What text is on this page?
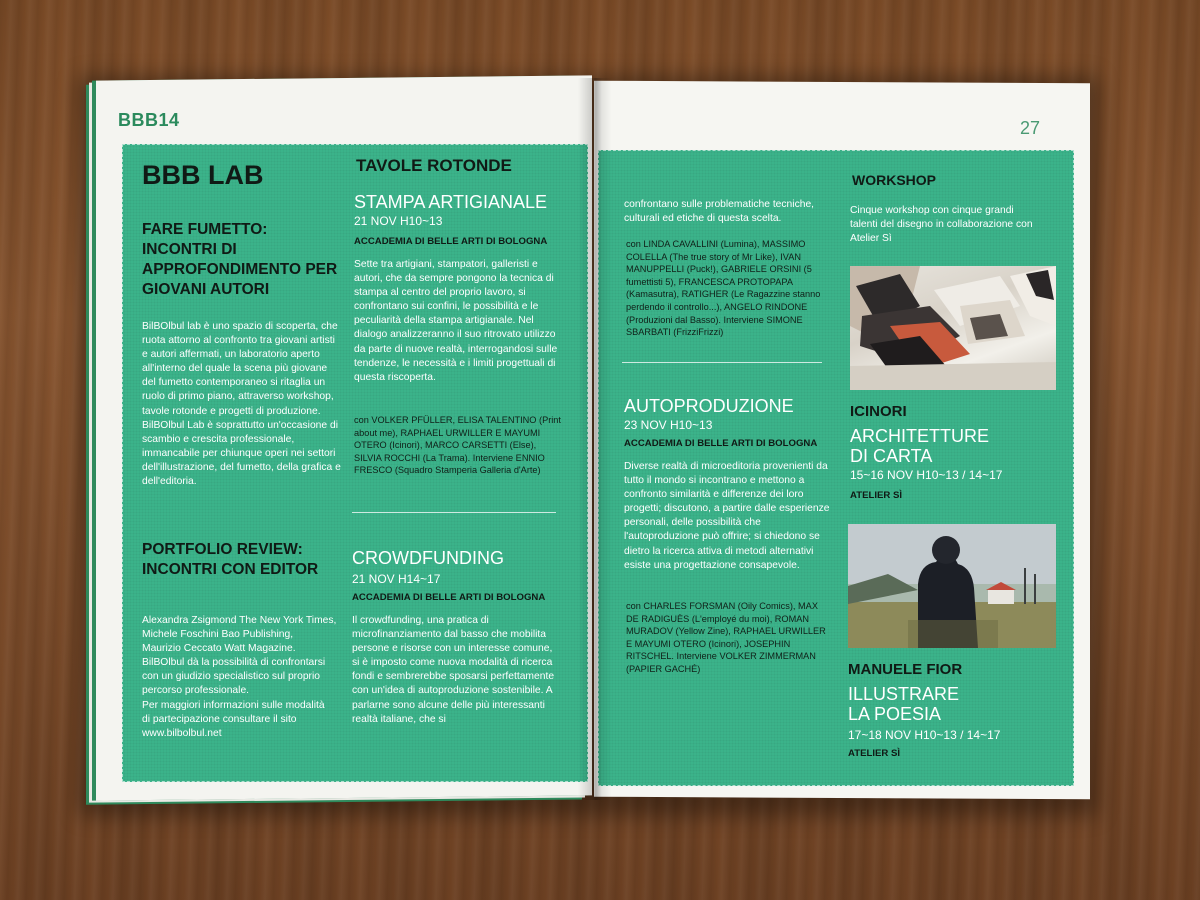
BBB14	27
BBB LAB
FARE FUMETTO: INCONTRI DI APPROFONDIMENTO PER GIOVANI AUTORI
BilBOlbul lab è uno spazio di scoperta, che ruota attorno al confronto tra giovani artisti e autori affermati, un laboratorio aperto all'interno del quale la scena più giovane del fumetto contemporaneo si ritaglia un ruolo di primo piano, attraverso workshop, tavole rotonde e progetti di produzione. BilBOlbul Lab è soprattutto un'occasione di scambio e crescita professionale, immancabile per chiunque operi nei settori dell'illustrazione, del fumetto, della grafica e dell'editoria.
PORTFOLIO REVIEW: INCONTRI CON EDITOR
Alexandra Zsigmond The New York Times,
Michele Foschini Bao Publishing,
Maurizio Ceccato Watt Magazine.
BilBOlbul dà la possibilità di confrontarsi
con un giudizio specialistico sul proprio
percorso professionale.
Per maggiori informazioni sulle modalità
di partecipazione consultare il sito
www.bilbolbul.net
TAVOLE ROTONDE
STAMPA ARTIGIANALE
21 NOV H10~13
ACCADEMIA DI BELLE ARTI DI BOLOGNA
Sette tra artigiani, stampatori, galleristi e autori, che da sempre pongono la tecnica di stampa al centro del proprio lavoro, si confrontano sui confini, le possibilità e le peculiarità della stampa artigianale. Nel dialogo analizzeranno il suo ritrovato utilizzo da parte di nuove realtà, interrogandosi sulle tendenze, le necessità e i limiti progettuali di questa riscoperta.
con VOLKER PFÜLLER, ELISA TALENTINO (Print about me), RAPHAEL URWILLER E MAYUMI OTERO (Icinori), MARCO CARSETTI (Else), SILVIA ROCCHI (La Trama). Interviene ENNIO FRESCO (Squadro Stamperia Galleria d'Arte)
CROWDFUNDING
21 NOV H14~17
ACCADEMIA DI BELLE ARTI DI BOLOGNA
Il crowdfunding, una pratica di microfinanziamento dal basso che mobilita persone e risorse con un interesse comune, si è imposto come nuova modalità di ricerca fondi e sembrerebbe sposarsi perfettamente con un'idea di autoproduzione sostenibile. A parlarne sono alcune delle più interessanti realtà italiane, che si
confrontano sulle problematiche tecniche, culturali ed etiche di questa scelta.
con LINDA CAVALLINI (Lumina), MASSIMO COLELLA (The true story of Mr Like), IVAN MANUPPELLI (Puck!), GABRIELE ORSINI (5 fumettisti 5), FRANCESCA PROTOPAPA (Kamasutra), RATIGHER (Le Ragazzine stanno perdendo il controllo...), ANGELO RINDONE (Produzioni dal Basso). Interviene SIMONE SBARBATI (FrizziFrizzi)
AUTOPRODUZIONE
23 NOV H10~13
ACCADEMIA DI BELLE ARTI DI BOLOGNA
Diverse realtà di microeditoria provenienti da tutto il mondo si incontrano e mettono a confronto similarità e differenze dei loro progetti; discutono, a partire dalle esperienze personali, delle possibilità che l'autoproduzione può offrire; si chiedono se dietro la ricerca attiva di metodi alternativi esiste una progettazione consapevole.
con CHARLES FORSMAN (Oily Comics), MAX DE RADIGUÈS (L'employé du moi), ROMAN MURADOV (Yellow Zine), RAPHAEL URWILLER E MAYUMI OTERO (Icinori), JOSEPHIN RITSCHEL. Interviene VOLKER ZIMMERMAN (PAPIER GACHÉ)
WORKSHOP
Cinque workshop con cinque grandi talenti del disegno in collaborazione con Atelier Sì
ICINORI
ARCHITETTURE
DI CARTA
15~16 NOV H10~13 / 14~17
ATELIER SÌ
MANUELE FIOR
ILLUSTRARE
LA POESIA
17~18 NOV H10~13 / 14~17
ATELIER SÌ
